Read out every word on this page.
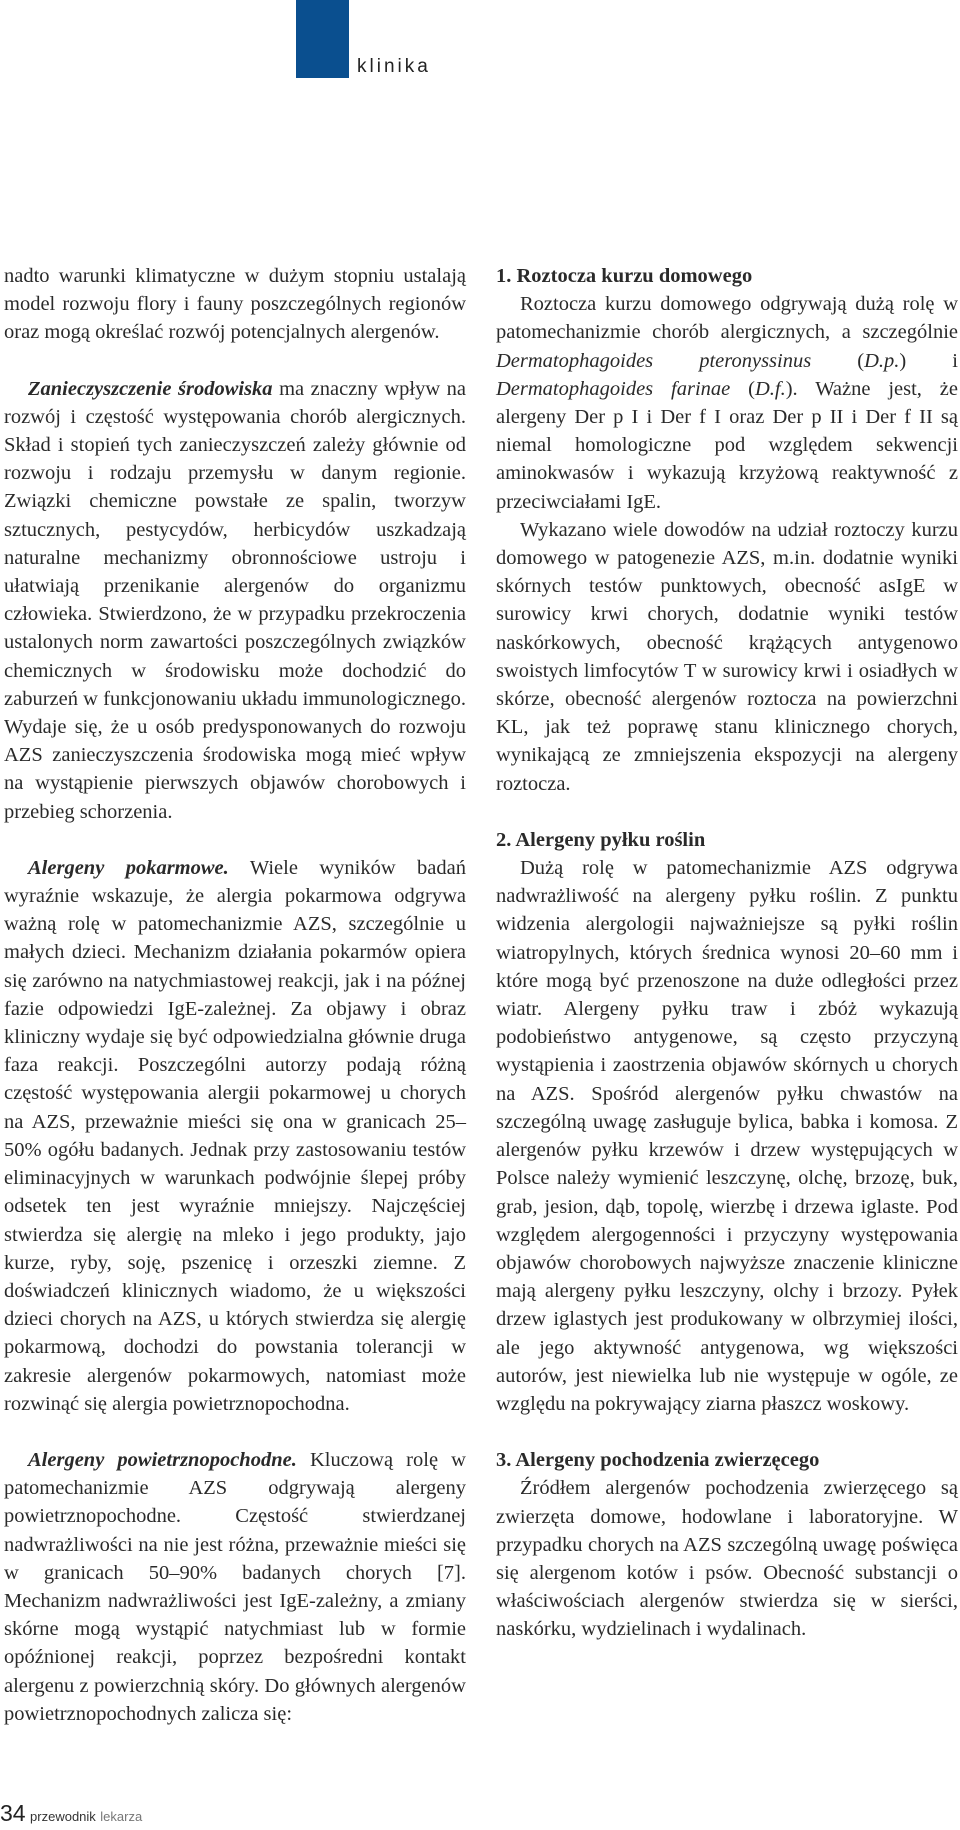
klinika

nadto warunki klimatyczne w dużym stopniu ustalają model rozwoju flory i fauny poszczególnych regionów oraz mogą określać rozwój potencjalnych alergenów.

Zanieczyszczenie środowiska ma znaczny wpływ na rozwój i częstość występowania chorób alergicznych. Skład i stopień tych zanieczyszczeń zależy głównie od rozwoju i rodzaju przemysłu w danym regionie. Związki chemiczne powstałe ze spalin, tworzyw sztucznych, pestycydów, herbicydów uszkadzają naturalne mechanizmy obronnościowe ustroju i ułatwiają przenikanie alergenów do organizmu człowieka. Stwierdzono, że w przypadku przekroczenia ustalonych norm zawartości poszczególnych związków chemicznych w środowisku może dochodzić do zaburzeń w funkcjonowaniu układu immunologicznego. Wydaje się, że u osób predysponowanych do rozwoju AZS zanieczyszczenia środowiska mogą mieć wpływ na wystąpienie pierwszych objawów chorobowych i przebieg schorzenia.

Alergeny pokarmowe. Wiele wyników badań wyraźnie wskazuje, że alergia pokarmowa odgrywa ważną rolę w patomechanizmie AZS, szczególnie u małych dzieci. Mechanizm działania pokarmów opiera się zarówno na natychmiastowej reakcji, jak i na późnej fazie odpowiedzi IgE-zależnej. Za objawy i obraz kliniczny wydaje się być odpowiedzialna głównie druga faza reakcji. Poszczególni autorzy podają różną częstość występowania alergii pokarmowej u chorych na AZS, przeważnie mieści się ona w granicach 25–50% ogółu badanych. Jednak przy zastosowaniu testów eliminacyjnych w warunkach podwójnie ślepej próby odsetek ten jest wyraźnie mniejszy. Najczęściej stwierdza się alergię na mleko i jego produkty, jajo kurze, ryby, soję, pszenicę i orzeszki ziemne. Z doświadczeń klinicznych wiadomo, że u większości dzieci chorych na AZS, u których stwierdza się alergię pokarmową, dochodzi do powstania tolerancji w zakresie alergenów pokarmowych, natomiast może rozwinąć się alergia powietrznopochodna.

Alergeny powietrznopochodne. Kluczową rolę w patomechanizmie AZS odgrywają alergeny powietrznopochodne. Częstość stwierdzanej nadwrażliwości na nie jest różna, przeważnie mieści się w granicach 50–90% badanych chorych [7]. Mechanizm nadwrażliwości jest IgE-zależny, a zmiany skórne mogą wystąpić natychmiast lub w formie opóźnionej reakcji, poprzez bezpośredni kontakt alergenu z powierzchnią skóry. Do głównych alergenów powietrznopochodnych zalicza się:

1. Roztocza kurzu domowego

Roztocza kurzu domowego odgrywają dużą rolę w patomechanizmie chorób alergicznych, a szczególnie Dermatophagoides pteronyssinus (D.p.) i Dermatophagoides farinae (D.f.). Ważne jest, że alergeny Der p I i Der f I oraz Der p II i Der f II są niemal homologiczne pod względem sekwencji aminokwasów i wykazują krzyżową reaktywność z przeciwciałami IgE.

Wykazano wiele dowodów na udział roztoczy kurzu domowego w patogenezie AZS, m.in. dodatnie wyniki skórnych testów punktowych, obecność asIgE w surowicy krwi chorych, dodatnie wyniki testów naskórkowych, obecność krążących antygenowo swoistych limfocytów T w surowicy krwi i osiadłych w skórze, obecność alergenów roztocza na powierzchni KL, jak też poprawę stanu klinicznego chorych, wynikającą ze zmniejszenia ekspozycji na alergeny roztocza.

2. Alergeny pyłku roślin

Dużą rolę w patomechanizmie AZS odgrywa nadwrażliwość na alergeny pyłku roślin. Z punktu widzenia alergologii najważniejsze są pyłki roślin wiatropylnych, których średnica wynosi 20–60 mm i które mogą być przenoszone na duże odległości przez wiatr. Alergeny pyłku traw i zbóż wykazują podobieństwo antygenowe, są często przyczyną wystąpienia i zaostrzenia objawów skórnych u chorych na AZS. Spośród alergenów pyłku chwastów na szczególną uwagę zasługuje bylica, babka i komosa. Z alergenów pyłku krzewów i drzew występujących w Polsce należy wymienić leszczynę, olchę, brzozę, buk, grab, jesion, dąb, topolę, wierzbę i drzewa iglaste. Pod względem alergogenności i przyczyny występowania objawów chorobowych najwyższe znaczenie kliniczne mają alergeny pyłku leszczyny, olchy i brzozy. Pyłek drzew iglastych jest produkowany w olbrzymiej ilości, ale jego aktywność antygenowa, wg większości autorów, jest niewielka lub nie występuje w ogóle, ze względu na pokrywający ziarna płaszcz woskowy.

3. Alergeny pochodzenia zwierzęcego

Źródłem alergenów pochodzenia zwierzęcego są zwierzęta domowe, hodowlane i laboratoryjne. W przypadku chorych na AZS szczególną uwagę poświęca się alergenom kotów i psów. Obecność substancji o właściwościach alergenów stwierdza się w sierści, naskórku, wydzielinach i wydalinach.

34 przewodnik lekarza
